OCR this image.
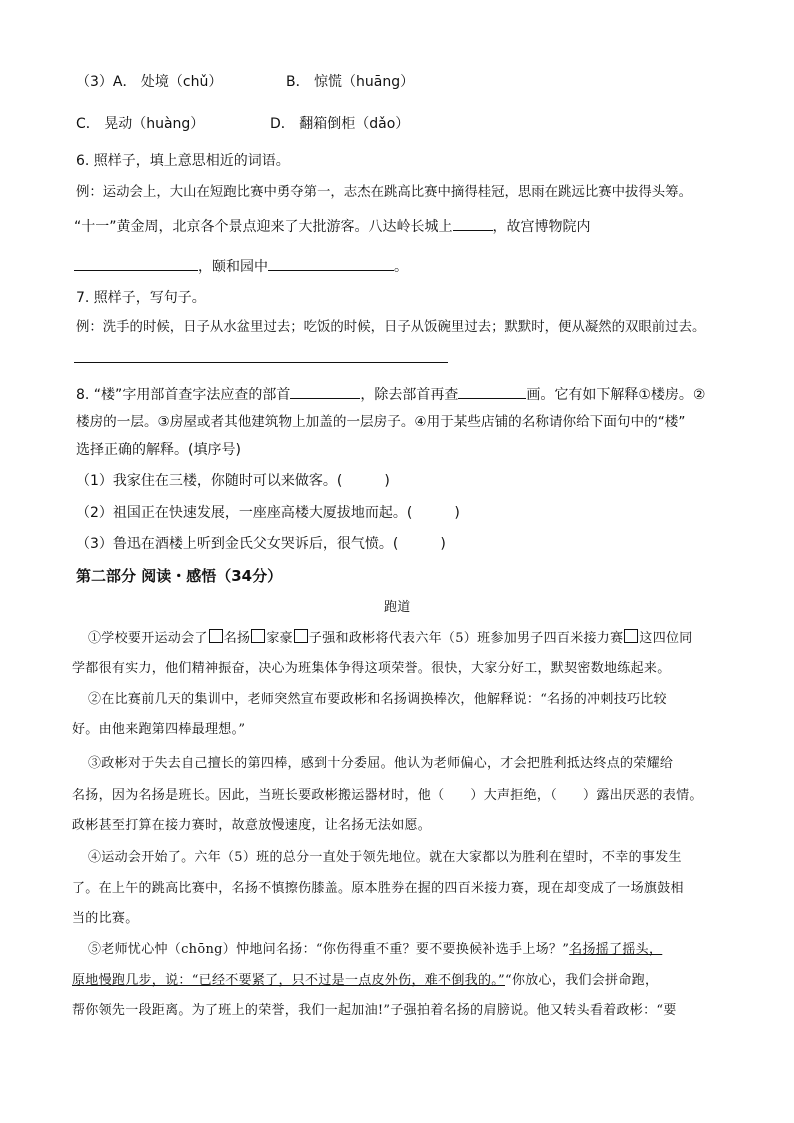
（3）A． 处境（chǔ）	B． 惊慌（huāng）
C． 晃动（huàng）	D． 翻箱倒柜（dǎo）
6. 照样子，填上意思相近的词语。
例：运动会上，大山在短跑比赛中勇夺第一，志杰在跳高比赛中摘得桂冠，思雨在跳远比赛中拔得头筹。
“十一”黄金周，北京各个景点迎来了大批游客。八达岭长城上	，故宫博物院内
，颐和园中	。
7. 照样子，写句子。
例：洗手的时候，日子从水盆里过去；吃饭的时候，日子从饭碗里过去；默默时，便从凝然的双眼前过去。
8. “楼”字用部首查字法应查的部首	，除去部首再查	画。它有如下解释①楼房。②
楼房的一层。③房屋或者其他建筑物上加盖的一层房子。④用于某些店铺的名称请你给下面句中的“楼”
选择正确的解释。(填序号)
（1）我家住在三楼，你随时可以来做客。(	)
（2）祖国正在快速发展，一座座高楼大厦拔地而起。(	)
（3）鲁迅在酒楼上听到金氏父女哭诉后，很气愤。(	)
第二部分 阅读・感悟（34分）
跑道
①学校要开运动会了 名扬 家豪 子强和政彬将代表六年（5）班参加男子四百米接力赛 这四位同
学都很有实力，他们精神振奋，决心为班集体争得这项荣誉。很快，大家分好工，默契密数地练起来。
②在比赛前几天的集训中，老师突然宣布要政彬和名扬调换棒次，他解释说：“名扬的冲刺技巧比较
好。由他来跑第四棒最理想。”
③政彬对于失去自己擅长的第四棒，感到十分委屈。他认为老师偏心，才会把胜利抵达终点的荣耀给
名扬，因为名扬是班长。因此，当班长要政彬搬运器材时，他（ ）大声拒绝，（ ）露出厌恶的表情。
政彬甚至打算在接力赛时，故意放慢速度，让名扬无法如愿。
④运动会开始了。六年（5）班的总分一直处于领先地位。就在大家都以为胜利在望时，不幸的事发生
了。在上午的跳高比赛中，名扬不慎擦伤膝盖。原本胜券在握的四百米接力赛，现在却变成了一场旗鼓相
当的比赛。
⑤老师忧心忡（chōng）忡地问名扬：“你伤得重不重？要不要换候补选手上场？”名扬摇了摇头，
原地慢跑几步，说：“已经不要紧了，只不过是一点皮外伤，难不倒我的。”“你放心，我们会拼命跑，
帮你领先一段距离。为了班上的荣誉，我们一起加油!”子强拍着名扬的肩膀说。他又转头看着政彬：“要
